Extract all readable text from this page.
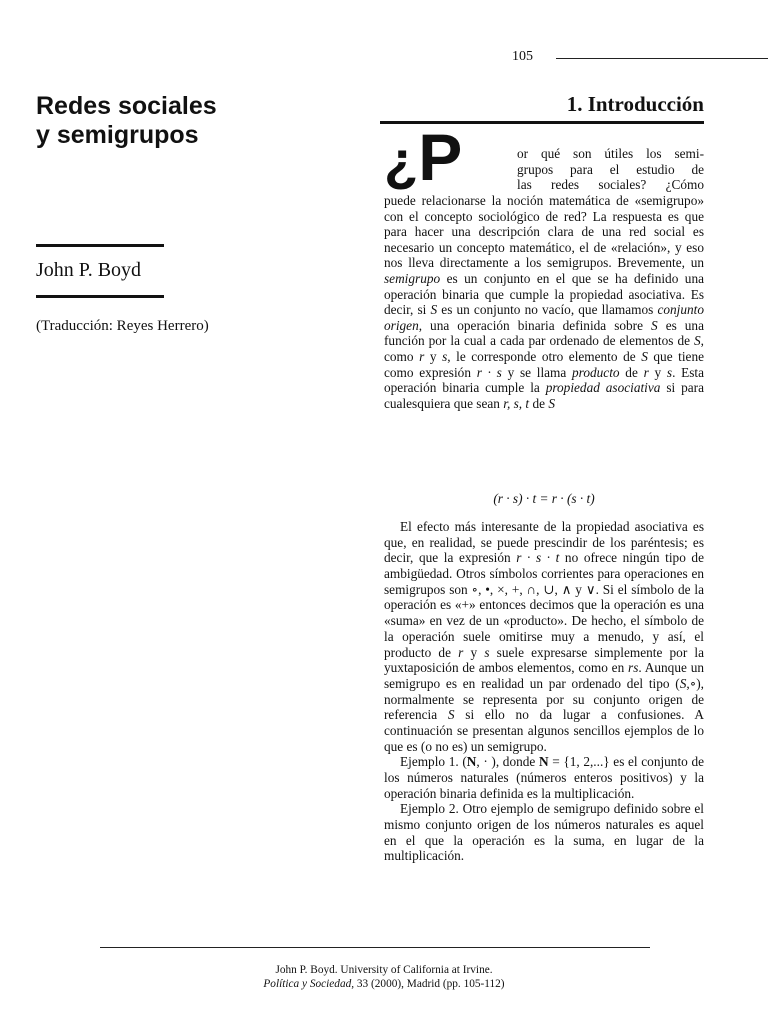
105
Redes sociales
y semigrupos
John P. Boyd
(Traducción: Reyes Herrero)
1. Introducción
¿P	or qué son útiles los semi-
grupos para el estudio de
las redes sociales? ¿Cómo

puede relacionarse la noción matemática de «semigrupo» con el concepto sociológico de red? La respuesta es que para hacer una descripción clara de una red social es necesario un concepto matemático, el de «relación», y eso nos lleva directamente a los semigrupos. Brevemente, un semigrupo es un conjunto en el que se ha definido una operación binaria que cumple la propiedad asociativa. Es decir, si S es un conjunto no vacío, que llamamos conjunto origen, una operación binaria definida sobre S es una función por la cual a cada par ordenado de elementos de S, como r y s, le corresponde otro elemento de S que tiene como expresión r · s y se llama producto de r y s. Esta operación binaria cumple la propiedad asociativa si para cualesquiera que sean r, s, t de S

(r · s) · t = r · (s · t)

El efecto más interesante de la propiedad asociativa es que, en realidad, se puede prescindir de los paréntesis; es decir, que la expresión r · s · t no ofrece ningún tipo de ambigüedad. Otros símbolos corrientes para operaciones en semigrupos son ∘, •, ×, +, ∩, ∪, ∧ y ∨. Si el símbolo de la operación es «+» entonces decimos que la operación es una «suma» en vez de un «producto». De hecho, el símbolo de la operación suele omitirse muy a menudo, y así, el producto de r y s suele expresarse simplemente por la yuxtaposición de ambos elementos, como en rs. Aunque un semigrupo es en realidad un par ordenado del tipo (S,∘), normalmente se representa por su conjunto origen de referencia S si ello no da lugar a confusiones. A continuación se presentan algunos sencillos ejemplos de lo que es (o no es) un semigrupo.

Ejemplo 1. (N, · ), donde N = {1, 2,...} es el conjunto de los números naturales (números enteros positivos) y la operación binaria definida es la multiplicación.

Ejemplo 2. Otro ejemplo de semigrupo definido sobre el mismo conjunto origen de los números naturales es aquel en el que la operación es la suma, en lugar de la multiplicación.

John P. Boyd. University of California at Irvine.
Política y Sociedad, 33 (2000), Madrid (pp. 105-112)
